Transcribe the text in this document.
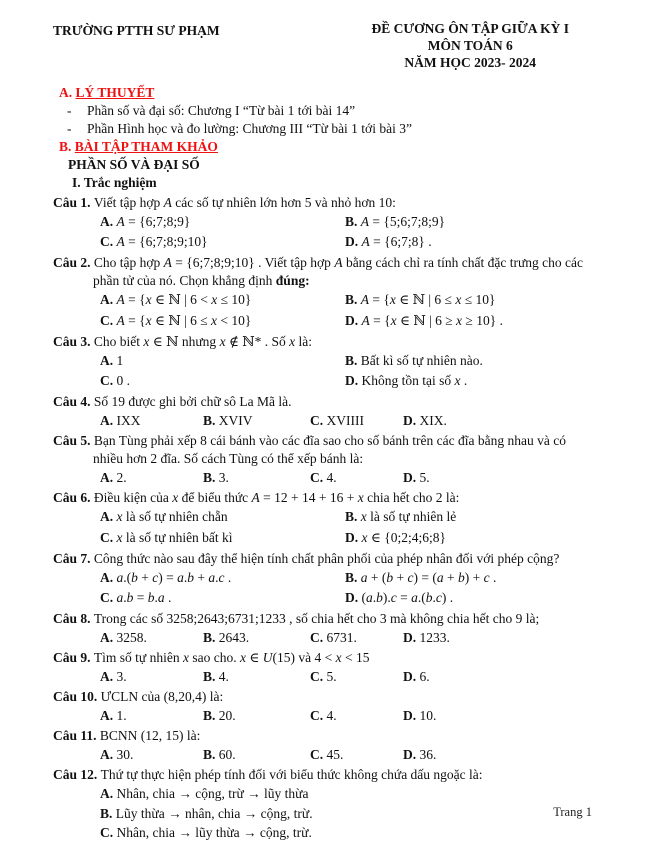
TRƯỜNG PTTH SƯ PHẠM	ĐỀ CƯƠNG ÔN TẬP GIỮA KỲ I
MÔN TOÁN 6
NĂM HỌC 2023- 2024
A. LÝ THUYẾT
- Phần số và đại số: Chương I “Từ bài 1 tới bài 14”
- Phần Hình học và đo lường: Chương III “Từ bài 1 tới bài 3”
B. BÀI TẬP THAM KHẢO
PHẦN SỐ VÀ ĐẠI SỐ
I. Trắc nghiệm

Câu 1. Viết tập hợp A các số tự nhiên lớn hơn 5 và nhỏ hơn 10:

A. A = {6;7;8;9}	B. A = {5;6;7;8;9}
C. A = {6;7;8;9;10}	D. A = {6;7;8} .

Câu 2. Cho tập hợp A = {6;7;8;9;10} . Viết tập hợp A bằng cách chỉ ra tính chất đặc trưng cho các phần tử của nó. Chọn khẳng định đúng:

A. A = {x ∈ ℕ | 6 < x ≤ 10}	B. A = {x ∈ ℕ | 6 ≤ x ≤ 10}
C. A = {x ∈ ℕ | 6 ≤ x < 10}	D. A = {x ∈ ℕ | 6 ≥ x ≥ 10} .

Câu 3. Cho biết x ∈ ℕ nhưng x ∉ ℕ* . Số x là:

A. 1	B. Bất kì số tự nhiên nào.
C. 0 .	D. Không tồn tại số x .

Câu 4. Số 19 được ghi bởi chữ sô La Mã là.

A. IXX	B. XVIV	C. XVIIII	D. XIX.

Câu 5. Bạn Tùng phải xếp 8 cái bánh vào các đĩa sao cho số bánh trên các đĩa bằng nhau và có nhiều hơn 2 đĩa. Số cách Tùng có thể xếp bánh là:

A. 2.	B. 3.	C. 4.	D. 5.

Câu 6. Điều kiện của x để biểu thức A = 12 + 14 + 16 + x chia hết cho 2 là:

A. x là số tự nhiên chẵn	B. x là số tự nhiên lẻ
C. x là số tự nhiên bất kì	D. x ∈ {0;2;4;6;8}

Câu 7. Công thức nào sau đây thể hiện tính chất phân phối của phép nhân đối với phép cộng?

A. a.(b + c) = a.b + a.c .	B. a + (b + c) = (a + b) + c .
C. a.b = b.a .	D. (a.b).c = a.(b.c) .

Câu 8. Trong các số 3258;2643;6731;1233 , số chia hết cho 3 mà không chia hết cho 9 là;

A. 3258.	B. 2643.	C. 6731.	D. 1233.

Câu 9. Tìm số tự nhiên x sao cho. x ∈ U(15) và 4 < x < 15

A. 3.	B. 4.	C. 5.	D. 6.

Câu 10. ƯCLN của (8,20,4) là:

A. 1.	B. 20.	C. 4.	D. 10.

Câu 11. BCNN (12, 15) là:

A. 30.	B. 60.	C. 45.	D. 36.

Câu 12. Thứ tự thực hiện phép tính đối với biểu thức không chứa dấu ngoặc là:

A. Nhân, chia → cộng, trừ → lũy thừa
B. Lũy thừa → nhân, chia → cộng, trừ.
C. Nhân, chia → lũy thừa → cộng, trừ.
Trang 1
